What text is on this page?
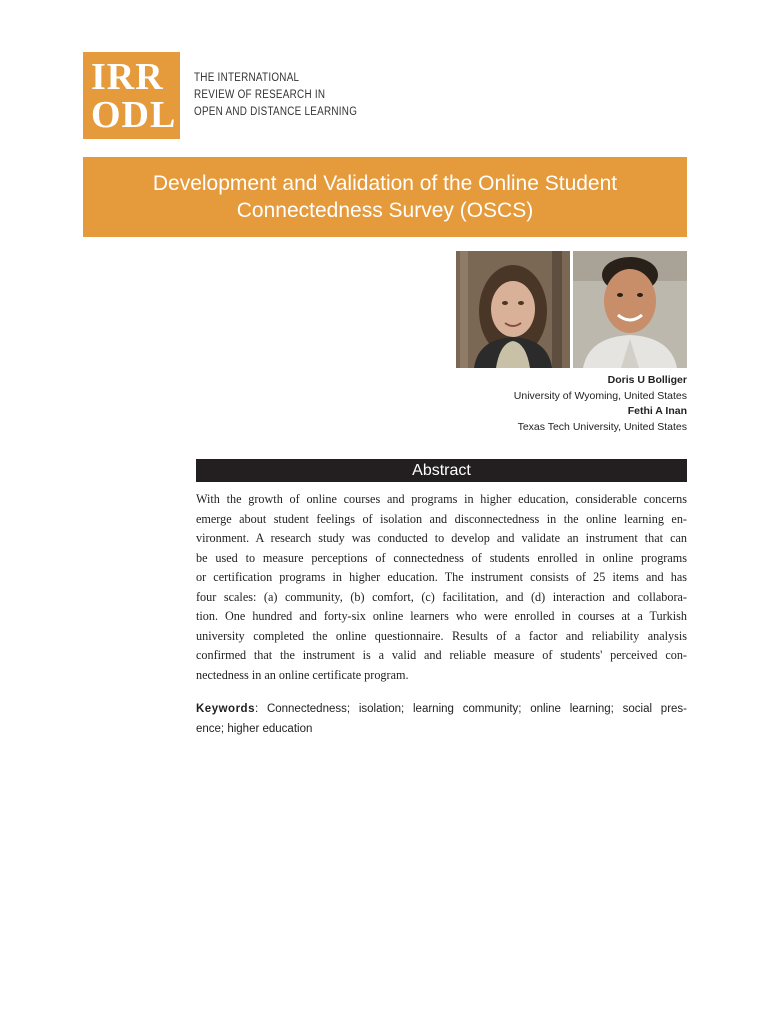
IRR
ODL
THE INTERNATIONAL
REVIEW OF RESEARCH IN
OPEN AND DISTANCE LEARNING
Development and Validation of the Online Student Connectedness Survey (OSCS)
Doris U Bolliger
University of Wyoming, United States
Fethi A Inan
Texas Tech University, United States
Abstract
With the growth of online courses and programs in higher education, considerable concerns
emerge about student feelings of isolation and disconnectedness in the online learning en-
vironment. A research study was conducted to develop and validate an instrument that can
be used to measure perceptions of connectedness of students enrolled in online programs
or certification programs in higher education. The instrument consists of 25 items and has
four scales: (a) community, (b) comfort, (c) facilitation, and (d) interaction and collabora-
tion. One hundred and forty-six online learners who were enrolled in courses at a Turkish
university completed the online questionnaire. Results of a factor and reliability analysis
confirmed that the instrument is a valid and reliable measure of students' perceived con-
nectedness in an online certificate program.
Keywords: Connectedness; isolation; learning community; online learning; social pres-
ence; higher education
